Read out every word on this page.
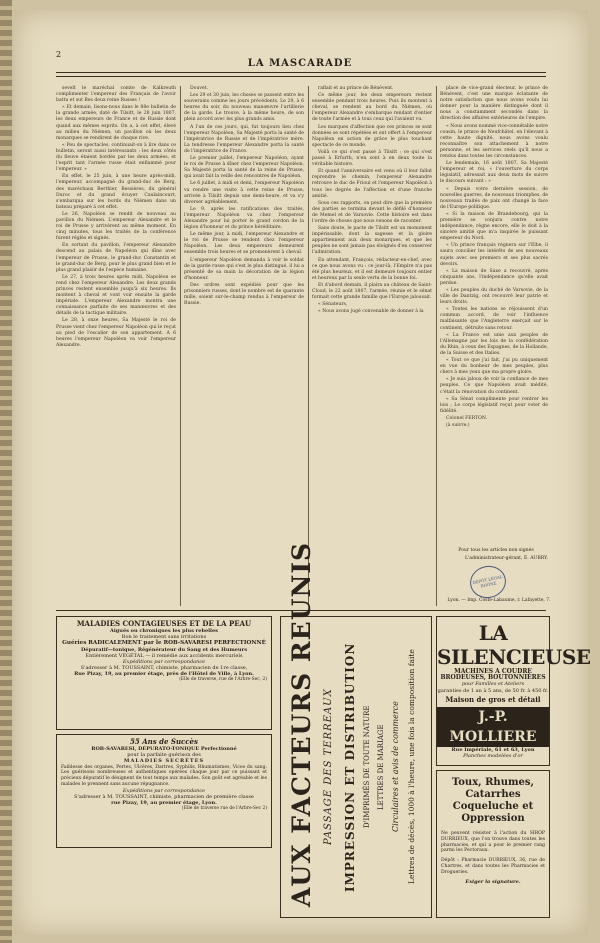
2
LA MASCARADE

sevelt le maréchal comte de Kalkreuth complimenter l'empereur des Français de l'avoir battu et sut Bes deux reine Russes !

« Et demain, lisons-nous dans le 88e bulletin de la grande armée, daté de Tilsitt, le 28 juin 1807, les deux empereurs de France et de Russie dont quand aux mêmes esprits. On a, à cet effet, élevé au milieu du Niémen, un pavillon où les deux monarques se rendirent de chaque rive.

« Peu de spectacles, continuait-on à lire dans ce bulletin, seront aussi intéressants : les deux côtés du fleuve étaient bordés par les deux armées, et l'esprit tant l'armée russe était enflammé pour l'empereur. »

En effet, le 25 juin, à une heure après-midi, l'empereur, accompagné du grand-duc de Berg, des maréchaux Berthier, Bessières, du général Duroc et du grand écuyer Caulaincourt, s'embarqua sur les bords du Niémen dans un bateau préparé à cet effet.

Le 26, Napoléon se rendit de nouveau au pavillon du Niémen. L'empereur Alexandre et le roi de Prusse y arrivèrent au même moment. En cinq minutes, tous les traités de la conférence furent réglés et signés.

En sortant du pavillon, l'empereur Alexandre descend au palais de Napoléon qui dîne avec l'empereur de Prusse, le grand-duc Constantin et le grand-duc de Berg, pour le plus grand bien et le plus grand plaisir de l'espèce humaine.

Le 27, à trois heures après midi, Napoléon se rend chez l'empereur Alexandre. Les deux grands princes restent ensemble jusqu'à six heures. Ils montent à cheval et vont voir ensuite la garde impériale. L'empereur Alexandre montra une connaissance parfaite de ses manœuvres et des détails de la tactique militaire.

Le 28, à onze heures, Sa Majesté le roi de Prusse vient chez l'empereur Napoléon qui le reçut au pied de l'escalier de son appartement. A 6 heures l'empereur Napoléon va voir l'empereur Alexandre.

Douvet.

Les 29 et 30 juin, les choses se passent entre les souverains comme les jours précédents. Le 29, à 6 heures du soir, du nouveau manœuvre l'artillerie de la garde. Le trouve, à la même heure, de son plein accord avec les plus grands amis.

A l'un de ces jours, qui, fut toujours lieu chez l'empereur Napoléon, Sa Majesté porta la santé de l'impératrice de Russie et de l'impératrice mère. La tendresse l'empereur Alexandre porta la santé de l'impératrice de France.

Le premier juillet, l'empereur Napoléon, ayant le roi de Prusse à dîner chez l'empereur Napoléon, Sa Majesté porta la santé de la reine de Prusse, qui avait fait la veille des rencontres de Napoléon.

Le 6 juillet, à midi et demi, l'empereur Napoléon va rendre une visite à cette reine de Prusse, arrivée à Tilsitt depuis une demi-heure, et va s'y diverser agréablement.

Le 9, après les ratifications des traités, l'empereur Napoléon va chez l'empereur Alexandre pour lui porter le grand cordon de la légion d'honneur et du prince héréditaire.

Le même jour, à midi, l'empereur Alexandre et le roi de Prusse se rendent chez l'empereur Napoléon. Les deux empereurs demeurent ensemble trois heures et se promenèrent à cheval.

L'empereur Napoléon demanda à voir le soldat de la garde russe qui s'est le plus distingué, il lui a présenté de sa main la décoration de la légion d'honneur.

Des ordres sont expédiés pour que les prisonniers russes, dont le nombre est de quarante mille, soient sur-le-champ rendus à l'empereur de Russie.

raflait et au prince de Bénévent.

Ce même jour, les deux empereurs restent ensemble pendant trois heures. Puis ils montent à cheval, se rendent au bord du Niémen, où l'empereur Alexandre s'embarque rendant d'entier de toute l'armée et à tous ceux qui l'avaient vu.

Les marques d'affection que ces princes se sont données se sont répétées et ont offert à l'empereur Napoléon en action de grâce le plus touchant spectacle de ce monde.

Voilà ce qui s'est passé à Tilsitt ; ce qui s'est passé à Erfurth, n'en sont à en deux toute la véritable histoire.

Et quand l'anniversaire est venu où il leur fallut reprendre le chemin, l'empereur Alexandre retrouve le duc de Frioul et l'empereur Napoléon à tous les degrés de l'affection et d'une franche amitié.

Sous ces rapports, on peut dire que la première des parties se termina devant le défilé d'honneur de Memel et de Varsovie. Cette histoire est dans l'ordre de choses que nous venons de raconter.

Sans doute, le pacte de Tilsitt est un monument impérissable, dont la sagesse et la gloire appartiennent aux deux monarques, et que les peuples ne sont jamais pas éloignés d'en conserver l'admiration.

En attendant, François, rédacteur-en-chef, avec ce que nous avons vu : ce jour-là, l'Empire n'a pas été plus heureux, et il est demeuré toujours entier et heureux par la seule vertu de la bonne foi.

Et d'abord demain, il plaira au château de Saint-Cloud, le 22 août 1807, l'armée, réunie et le sénat formait cette grande famille que l'Europe jalousait.

« Sénateurs,

« Nous avons jugé convenable de donner à la

place de vice-grand électeur, le prince de Bénévent, c'est une marque éclatante de notre satisfaction que nous avons voulu lui donner pour la manière distinguée dont il nous a constamment secondés dans la direction des affaires extérieures de l'empire.

« Nous avons nommé vice-connétable notre cousin, le prince de Neufchâtel, en l'élevant à cette haute dignité, nous avons voulu reconnaître son attachement à notre personne, et les services réels qu'il nous a rendus dans toutes les circonstances.

Le lendemain, 16 août 1807, Sa Majesté l'empereur et roi, « l'ouverture du corps législatif, adressait aux deux mots de suivre le discours suivant : »

« Depuis votre dernière session, de nouvelles guerres, de nouveaux triomphes, de nouveaux traités de paix ont changé la face de l'Europe politique.

« Si la maison de Brandebourg, qui la première se conjura contre notre indépendance, règne encore, elle le doit à la sincère amitié que m'a inspirée le puissant empereur du Nord.

« Un prince français régnera sur l'Elbe, il saura concilier les intérêts de ses nouveaux sujets avec ses premiers et ses plus sacrés devoirs.

« La maison de Saxe a recouvré, après cinquante ans, l'indépendance qu'elle avait perdue.

« Les peuples du duché de Varsovie, de la ville de Dantzig, ont recouvré leur patrie et leurs droits.

« Toutes les nations se réjouissent d'un commun accord, de voir l'influence malfaisante que l'Angleterre exerçait sur le continent, détruite sans retour.

« La France est unie aux peuples de l'Allemagne par les lois de la confédération du Rhin, à ceux des Espagnes, de la Hollande, de la Suisse et des Italies.

« Tout ce que j'ai fait, j'ai pu uniquement en vue du bonheur de mes peuples, plus chers à mes yeux que ma propre gloire.

« Je suis jaloux de voir la confiance de mes peuples. Ce que Napoléon avait médité, c'était la rénovation du continent.

« Sa Sénat complimente pour rentrer les lois ; Le corps législatif reçut pour voter de fidélité.

Colonel FERTON.

(à suivre.)

Pour tous les articles non signés
L'administrateur-gérant, E. AUBRY.
DÉPÔT LÉGAL RHÔNE
Lyon. — Imp. Coste-Labaume, r. Lafayette, 7.
MALADIES CONTAGIEUSES ET DE LA PEAU
Aiguës ou chroniques les plus rebelles
Bon le traitement sans irritations
Guéries RADICALEMENT par le ROB-SAVARESI PERFECTIONNÉ
Dépuratif—tonique, Régénérateur du Sang et des Humeurs
Entièrement VÉGÉTAL — il remédie aux accidents mercuriels
Expéditions par correspondance
S'adresser à M. TOUSSAINT, chimiste, pharmacien de 1re classe,
Rue Pizay, 19, au premier étage, près de l'Hôtel de Ville, à Lyon.
(Elle de traverse, rue de l'Arbre-Sec, 2)
55 Ans de Succès
ROB-SAVARESI, DÉPURATO-TONIQUE Perfectionné
pour la parfaite guérison des
MALADIES SECRÈTES
Faiblesse des organes, Pertes, Ulcères, Dartres, Syphilis, Rhumatismes, Vices du sang. Les guérisons nombreuses et authentiques opérées chaque jour par ce puissant et précieux dépuratif le désignent de tout temps aux malades. Son goût est agréable et les malades le prennent sans aucune répugnance.
Expéditions par correspondance
S'adresser à M. TOUSSAINT, chimiste, pharmacien de première classe
rue Pizay, 19, au premier étage, Lyon.
(Elle de traverse rue de l'Arbre-Sec 2) AUX FACTEURS REUNIS PASSAGE DES TERREAUX IMPRESSION ET DISTRIBUTION D'IMPRIMÉS DE TOUTE NATURE LETTRES DE MARIAGE Circulaires et avis de commerce Lettres de décès, 1000 à l'heure, une fois la composition faite
LA SILENCIEUSE
MACHINES A COUDRE
BRODEUSES, BOUTONNIÈRES
pour Familles et Ateliers
garanties de 1 an à 5 ans, de 50 fr. à 450 fr.
Maison de gros et détail
J.-P. MOLLIERE
Rue Impériale, 61 et 63, Lyon
Planches modelées d'or
Toux, Rhumes, Catarrhes
Coqueluche et Oppression
Ne peuvent résister à l'action du SIROP DURRIEUX, que l'on trouve dans toutes les pharmacies, et qui a pour le premier rang parmi les Pectoraux.
Dépôt : Pharmacie DURRIEUX, 36, rue de Chartres, et dans toutes les Pharmacies et Drogueries.
Exiger la signature.
